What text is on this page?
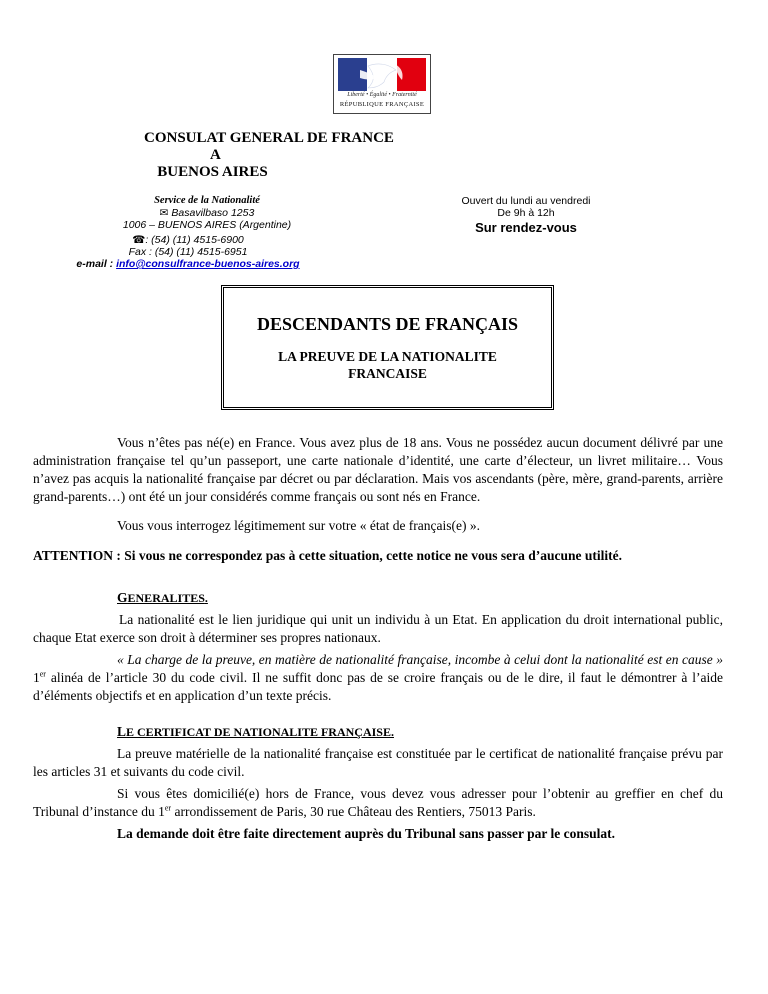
Liberté • Égalité • Fraternité
RÉPUBLIQUE FRANÇAISE
CONSULAT GENERAL DE FRANCE
A
BUENOS AIRES
Service de la Nationalité
✉ Basavilbaso 1253
1006 – BUENOS AIRES (Argentine)
☎: (54) (11) 4515-6900
Fax : (54) (11) 4515-6951
e-mail : info@consulfrance-buenos-aires.org
Ouvert du lundi au vendredi
De 9h à 12h
Sur rendez-vous
DESCENDANTS DE FRANÇAIS
LA PREUVE DE LA NATIONALITE
FRANCAISE
Vous n’êtes pas né(e) en France. Vous avez plus de 18 ans. Vous ne possédez aucun document délivré par une administration française tel qu’un passeport, une carte nationale d’identité, une carte d’électeur, un livret militaire… Vous n’avez pas acquis la nationalité française par décret ou par déclaration. Mais vos ascendants (père, mère, grand-parents, arrière grand-parents…) ont été un jour considérés comme français ou sont nés en France.
Vous vous interrogez légitimement sur votre « état de français(e) ».
ATTENTION : Si vous ne correspondez pas à cette situation, cette notice ne vous sera d’aucune utilité.
GENERALITES.
La nationalité est le lien juridique qui unit un individu à un Etat. En application du droit international public, chaque Etat exerce son droit à déterminer ses propres nationaux.
« La charge de la preuve, en matière de nationalité française, incombe à celui dont la nationalité est en cause » 1er alinéa de l’article 30 du code civil. Il ne suffit donc pas de se croire français ou de le dire, il faut le démontrer à l’aide d’éléments objectifs et en application d’un texte précis.
LE CERTIFICAT DE NATIONALITE FRANÇAISE.
La preuve matérielle de la nationalité française est constituée par le certificat de nationalité française prévu par les articles 31 et suivants du code civil.
Si vous êtes domicilié(e) hors de France, vous devez vous adresser pour l’obtenir au greffier en chef du Tribunal d’instance du 1er arrondissement de Paris, 30 rue Château des Rentiers, 75013 Paris.
La demande doit être faite directement auprès du Tribunal sans passer par le consulat.
